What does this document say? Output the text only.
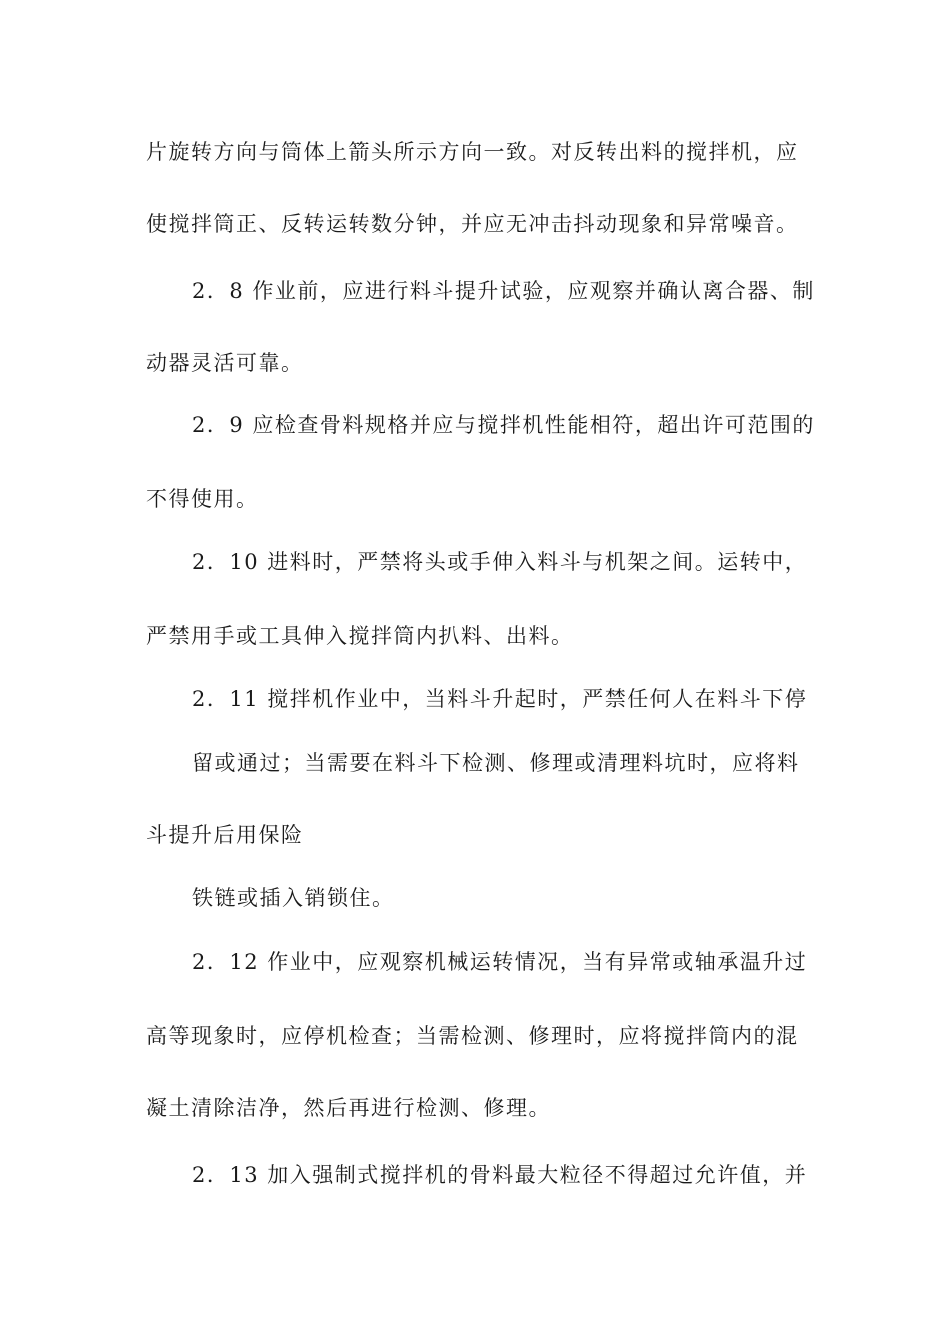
片旋转方向与筒体上箭头所示方向一致。对反转出料的搅拌机，应
使搅拌筒正、反转运转数分钟，并应无冲击抖动现象和异常噪音。
2．8 作业前，应进行料斗提升试验，应观察并确认离合器、制
动器灵活可靠。
2．9 应检查骨料规格并应与搅拌机性能相符，超出许可范围的
不得使用。
2．10 进料时，严禁将头或手伸入料斗与机架之间。运转中，
严禁用手或工具伸入搅拌筒内扒料、出料。
2．11 搅拌机作业中，当料斗升起时，严禁任何人在料斗下停
留或通过；当需要在料斗下检测、修理或清理料坑时，应将料
斗提升后用保险
铁链或插入销锁住。
2．12 作业中，应观察机械运转情况，当有异常或轴承温升过
高等现象时，应停机检查；当需检测、修理时，应将搅拌筒内的混
凝土清除洁净，然后再进行检测、修理。
2．13 加入强制式搅拌机的骨料最大粒径不得超过允许值，并
